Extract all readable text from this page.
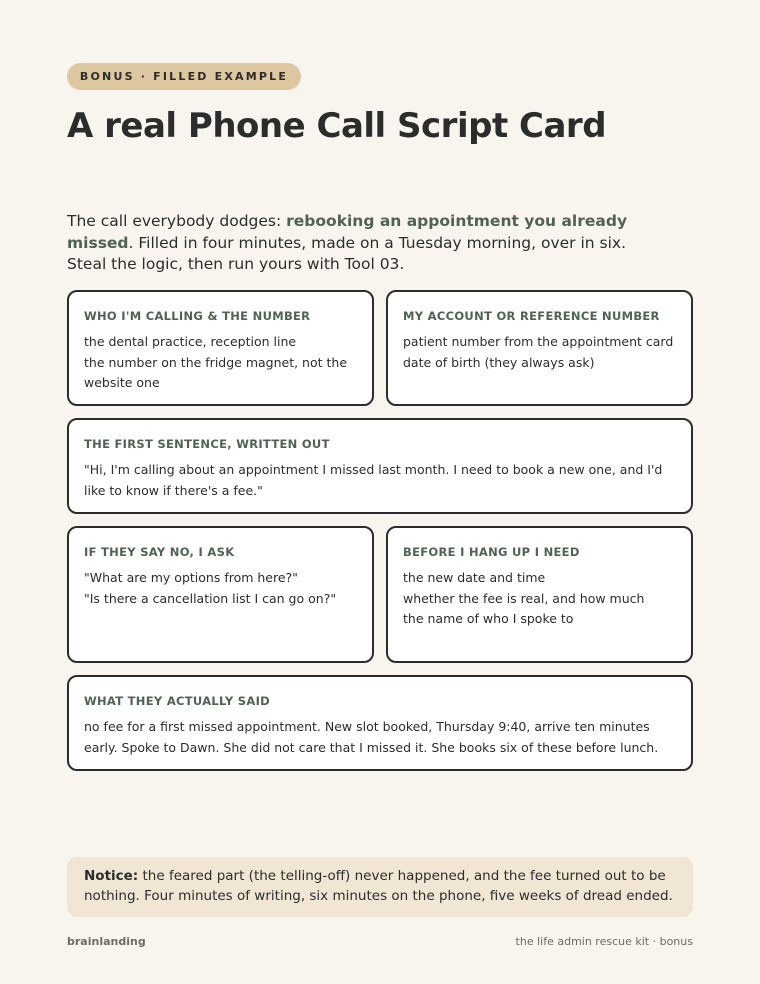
BONUS · FILLED EXAMPLE
A real Phone Call Script Card

The call everybody dodges: rebooking an appointment you already missed. Filled in four minutes, made on a Tuesday morning, over in six. Steal the logic, then run yours with Tool 03.

WHO I'M CALLING & THE NUMBER
the dental practice, reception line
the number on the fridge magnet, not the website one
MY ACCOUNT OR REFERENCE NUMBER
patient number from the appointment card
date of birth (they always ask)
THE FIRST SENTENCE, WRITTEN OUT
"Hi, I'm calling about an appointment I missed last month. I need to book a new one, and I'd like to know if there's a fee."
IF THEY SAY NO, I ASK
"What are my options from here?"
"Is there a cancellation list I can go on?"
BEFORE I HANG UP I NEED
the new date and time
whether the fee is real, and how much
the name of who I spoke to
WHAT THEY ACTUALLY SAID
no fee for a first missed appointment. New slot booked, Thursday 9:40, arrive ten minutes early. Spoke to Dawn. She did not care that I missed it. She books six of these before lunch.
Notice: the feared part (the telling-off) never happened, and the fee turned out to be nothing. Four minutes of writing, six minutes on the phone, five weeks of dread ended.
brainlanding	the life admin rescue kit · bonus
